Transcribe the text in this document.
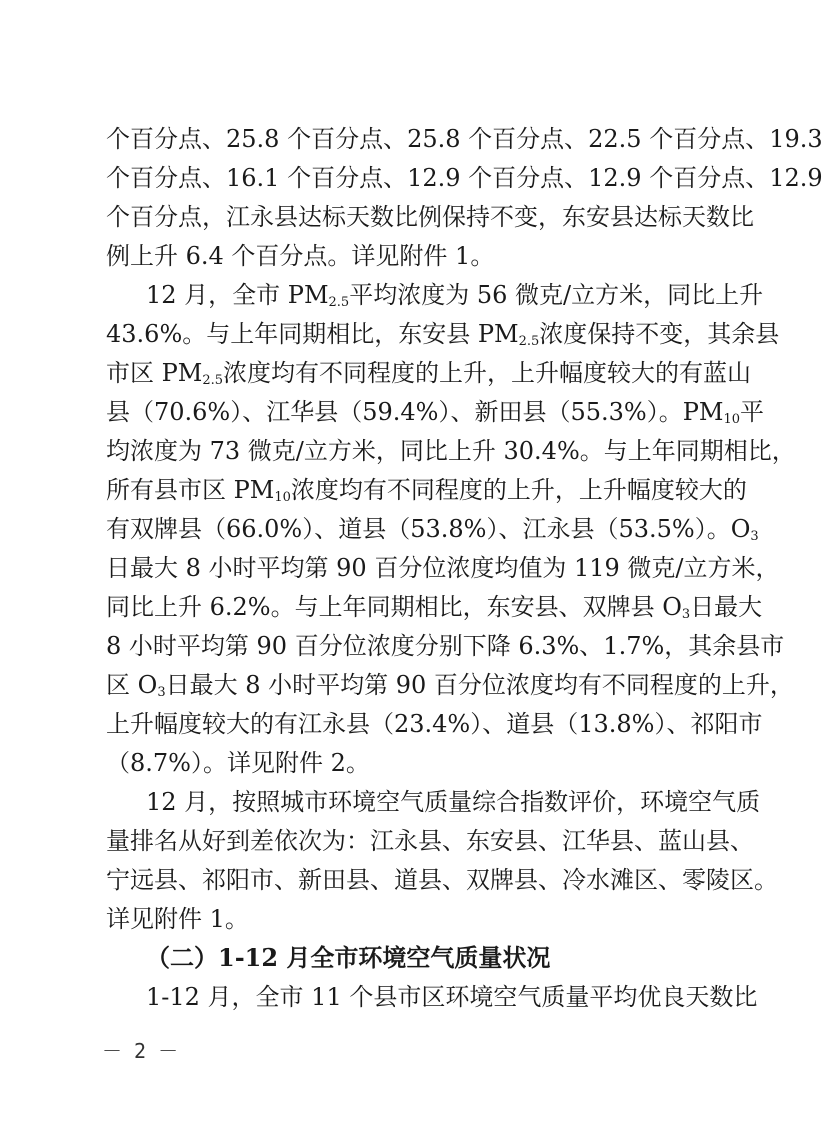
个百分点、25.8 个百分点、25.8 个百分点、22.5 个百分点、19.3
个百分点、16.1 个百分点、12.9 个百分点、12.9 个百分点、12.9
个百分点，江永县达标天数比例保持不变，东安县达标天数比
例上升 6.4 个百分点。详见附件 1。
12 月，全市 $PM_{2.5}$平均浓度为 56 微克/立方米，同比上升
43.6%。与上年同期相比，东安县 $PM_{2.5}$浓度保持不变，其余县
市区 $PM_{2.5}$浓度均有不同程度的上升，上升幅度较大的有蓝山
县（70.6%）、江华县（59.4%）、新田县（55.3%）。$PM_{10}$平
均浓度为 73 微克/立方米，同比上升 30.4%。与上年同期相比，
所有县市区 $PM_{10}$浓度均有不同程度的上升，上升幅度较大的
有双牌县（66.0%）、道县（53.8%）、江永县（53.5%）。$O_3$
日最大 8 小时平均第 90 百分位浓度均值为 119 微克/立方米，
同比上升 6.2%。与上年同期相比，东安县、双牌县 $O_3$日最大
8 小时平均第 90 百分位浓度分别下降 6.3%、1.7%，其余县市
区 $O_3$日最大 8 小时平均第 90 百分位浓度均有不同程度的上升，
上升幅度较大的有江永县（23.4%）、道县（13.8%）、祁阳市
（8.7%）。详见附件 2。
12 月，按照城市环境空气质量综合指数评价，环境空气质
量排名从好到差依次为：江永县、东安县、江华县、蓝山县、
宁远县、祁阳市、新田县、道县、双牌县、冷水滩区、零陵区。
详见附件 1。
（二）1-12 月全市环境空气质量状况
1-12 月，全市 11 个县市区环境空气质量平均优良天数比
－ 2 －
